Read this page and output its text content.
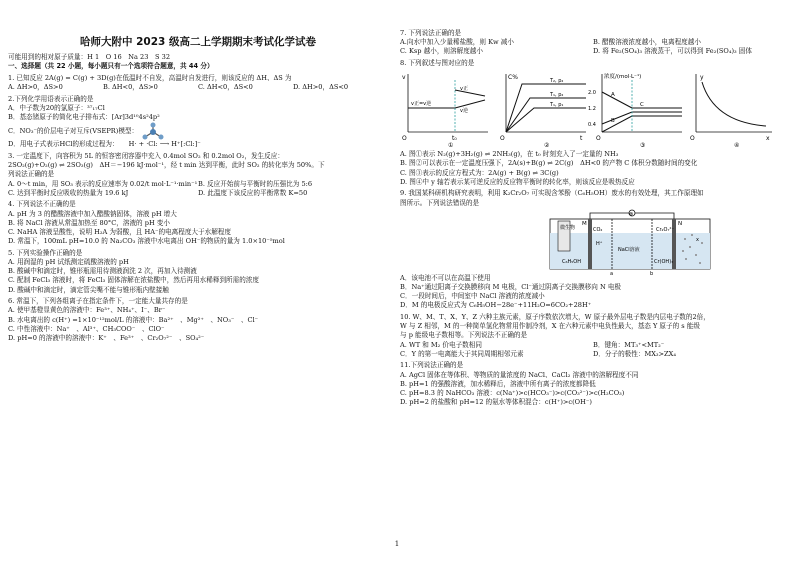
哈师大附中 2023 级高二上学期期末考试化学试卷
可能用到的相对原子质量：H 1　O 16　Na 23　S 32
一、选择题（共 22 小题，每小题只有一个选项符合题意，共 44 分）
1. 已知反应 2A(g) = C(g) + 3D(g)在低温时不自发，高温时自发进行，则该反应的 ΔH、ΔS 为
A. ΔH>0，ΔS>0	B. ΔH<0，ΔS>0	C. ΔH<0，ΔS<0	D. ΔH>0，ΔS<0
2.下列化学用语表示正确的是
A．中子数为20的氯原子：³⁷₁₇Cl
B．基态锗原子的简化电子排布式：[Ar]3d¹⁰4s²4p²
C．NO₃⁻的价层电子对互斥(VSEPR)模型：
D．用电子式表示HCl的形成过程为： H· + ·Cl: ⟶ H⁺[:Cl:]⁻
3. 一定温度下，向容积为 5L 的恒容密闭容器中充入 0.4mol SO₂ 和 0.2mol O₂，发生反应：
2SO₂(g)+O₂(g) ⇌ 2SO₃(g)　ΔH＝−196 kJ·mol⁻¹，经 t min 达到平衡，此时 SO₂ 的转化率为 50%。下
列说法正确的是
A. 0～t min，用 SO₃ 表示的反应速率为 0.02/t mol·L⁻¹·min⁻¹ B. 反应开始前与平衡时的压强比为 5:6
C. 达到平衡时反应吸收的热量为 19.6 kJ	D. 此温度下该反应的平衡常数 K=50
4. 下列说法不正确的是
A. pH 为 3 的醋酸溶液中加入醋酸钠固体，溶液 pH 增大
B. 将 NaCl 溶液从常温加热至 80°C，溶液的 pH 变小
C. NaHA 溶液呈酸性，说明 H₂A 为弱酸，且 HA⁻的电离程度大于水解程度
D. 常温下，100mL pH=10.0 的 Na₂CO₃ 溶液中水电离出 OH⁻的物质的量为 1.0×10⁻⁵mol
5. 下列实验操作正确的是
A. 用润湿的 pH 试纸测定硫酸溶液的 pH
B. 酸碱中和滴定时，锥形瓶需用待测液润洗 2 次，再加入待测液
C. 配制 FeCl₃ 溶液时，将 FeCl₃ 固体溶解在浓盐酸中，然后再用水稀释到所需的浓度
D. 酸碱中和滴定时，滴定管尖嘴不能与锥形瓶内壁接触
6. 常温下，下列各组离子在指定条件下，一定能大量共存的是
A. 使甲基橙显黄色的溶液中：Fe³⁺、NH₄⁺、I⁻、Br⁻
B. 水电离出的 c(H⁺) =1×10⁻¹²mol/L 的溶液中：Ba²⁺　、Mg²⁺　、NO₃⁻　、Cl⁻
C. 中性溶液中：Na⁺　、Al³⁺、CH₃COO⁻　、ClO⁻
D. pH=0 的溶液中的溶液中：K⁺　、Fe³⁺　、Cr₂O₇²⁻　、SO₄²⁻
7. 下列说法正确的是
A.向水中加入少量稀盐酸，则 Kw 减小	B. 醋酸溶液浓度越小，电离程度越小
C. Ksp 越小，则溶解度越小	D. 将 Fe₂(SO₄)₃ 溶液蒸干，可以得到 Fe₂(SO₄)₃ 固体
8. 下列叙述与图对应的是
v
v正
v逆
v正=v逆
O	t₀
①
C%	T₂, p₂
T₁, p₂
T₁, p₁
O	t
②
浓度/(mol·L⁻¹)
2.0
1.2
0.4
A
B
C
O
③
y
O	x
④
A. 图①表示 N₂(g)+3H₂(g) ⇌ 2NH₃(g)，在 t₀ 时刻充入了一定量的 NH₃
B. 图②可以表示在一定温度压强下，2A(s)+B(g) ⇌ 2C(g)　ΔH<0 的产物 C 体积分数随时间的变化
C. 图③表示的反应方程式为：2A(g) + B(g) ⇌ 3C(g)
D. 图④中 y 轴若表示某可逆反应的反应物平衡时的转化率，则该反应是吸热反应
9. 我国某科研机构研究表明，利用 K₂Cr₂O₇ 可实现含苯酚（C₆H₅OH）废水的有效处理，其工作原理如
图所示。下列说法错误的是
⊗
微生物
M	N
CO₂
H⁺
C₆H₅OH
NaCl溶液
Cr₂O₇²⁻
Cr(OH)₃
a	b
x
A．该电池不可以在高温下使用
B．Na⁺通过阳离子交换膜移向 M 电极，Cl⁻通过阴离子交换膜移向 N 电极
C．一段时间后，中间室中 NaCl 溶液的浓度减小
D．M 的电极反应式为 C₆H₅OH−28e⁻+11H₂O=6CO₂+28H⁺
10. W、M、T、X、Y、Z 六种主族元素，原子序数依次增大，W 原子最外层电子数是内层电子数的2倍，
W 与 Z 相邻，M 的一种简单氢化物常用作制冷剂，X 在六种元素中电负性最大，基态 Y 原子的 s 能级
与 p 能级电子数相等。下列说法不正确的是
A. WT 和 M₂ 价电子数相同	B．键角：MT₃⁺<MT₂⁻
C．Y 的第一电离能大于其同周期相邻元素	D．分子的极性：MX₃>ZX₄
11.下列说法正确的是
A. AgCl 固体在等体积、等物质的量浓度的 NaCl、CaCl₂ 溶液中的溶解程度不同
B. pH=1 的强酸溶液，加水稀释后，溶液中所有离子的浓度都降低
C. pH=8.3 的 NaHCO₃ 溶液：c(Na⁺)>c(HCO₃⁻)>c(CO₃²⁻)>c(H₂CO₃)
D. pH=2 的盐酸和 pH=12 的氨水等体积混合：c(H⁺)>c(OH⁻)
1
